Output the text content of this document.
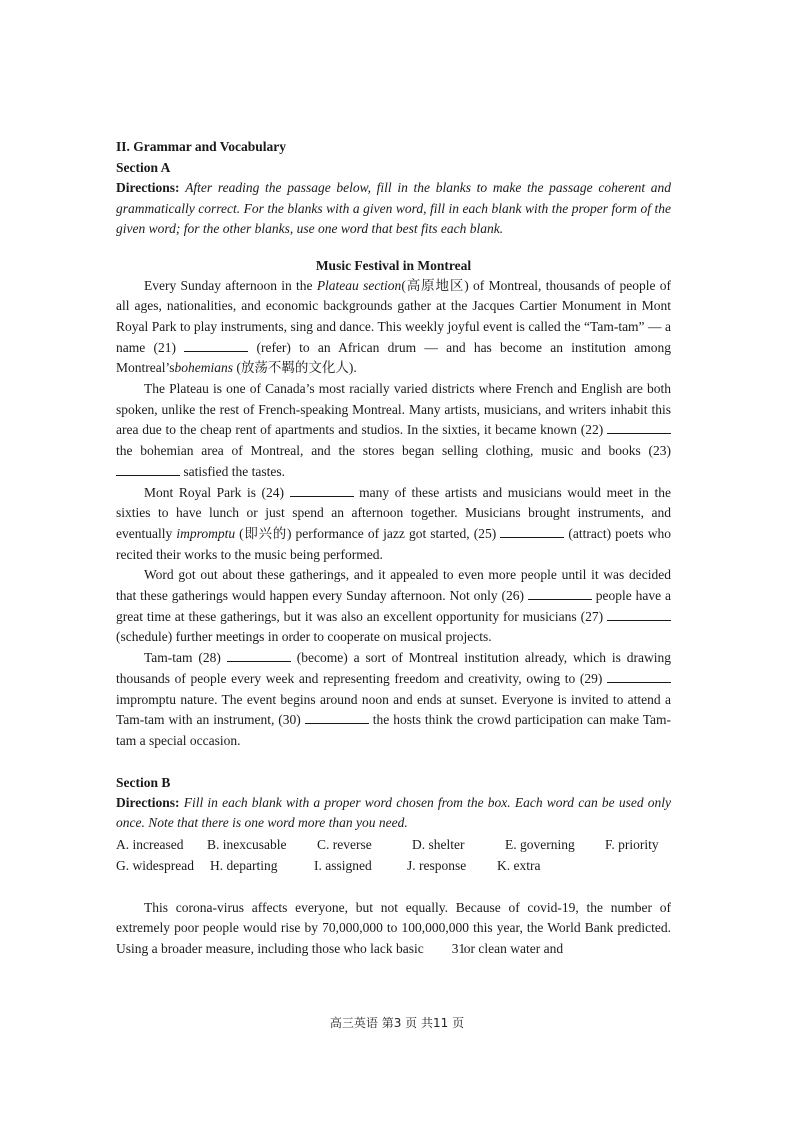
II. Grammar and Vocabulary
Section A

Directions: After reading the passage below, fill in the blanks to make the passage coherent and grammatically correct. For the blanks with a given word, fill in each blank with the proper form of the given word; for the other blanks, use one word that best fits each blank.

Music Festival in Montreal

Every Sunday afternoon in the Plateau section(高原地区) of Montreal, thousands of people of all ages, nationalities, and economic backgrounds gather at the Jacques Cartier Monument in Mont Royal Park to play instruments, sing and dance. This weekly joyful event is called the “Tam-tam” — a name (21)	(refer) to an African drum — and has become an institution among Montreal’sbohemians (放荡不羁的文化人).

The Plateau is one of Canada’s most racially varied districts where French and English are both spoken, unlike the rest of French-speaking Montreal. Many artists, musicians, and writers inhabit this area due to the cheap rent of apartments and studios. In the sixties, it became known (22)  the bohemian area of Montreal, and the stores began selling clothing, music and books (23)  satisfied the tastes.

Mont Royal Park is (24)	many of these artists and musicians would meet in the sixties to have lunch or just spend an afternoon together. Musicians brought instruments, and eventually impromptu (即兴的) performance of jazz got started, (25)	(attract) poets who recited their works to the music being performed.

Word got out about these gatherings, and it appealed to even more people until it was decided that these gatherings would happen every Sunday afternoon. Not only (26)	people have a great time at these gatherings, but it was also an excellent opportunity for musicians (27)  (schedule) further meetings in order to cooperate on musical projects.

Tam-tam (28)	(become) a sort of Montreal institution already, which is drawing thousands of people every week and representing freedom and creativity, owing to (29)  impromptu nature. The event begins around noon and ends at sunset. Everyone is invited to attend a Tam-tam with an instrument, (30)	the hosts think the crowd participation can make Tam-tam a special occasion.

Section B

Directions: Fill in each blank with a proper word chosen from the box. Each word can be used only once. Note that there is one word more than you need.

A. increased B. inexcusable C. reverse	D. shelter	E. governing F. priority

G. widespread H. departing	I. assigned	J. response K. extra

This corona-virus affects everyone, but not equally. Because of covid-19, the number of extremely poor people would rise by 70,000,000 to 100,000,000 this year, the World Bank predicted. Using a broader measure, including those who lack basic 31or clean water and

高三英语 第3 页 共11 页
